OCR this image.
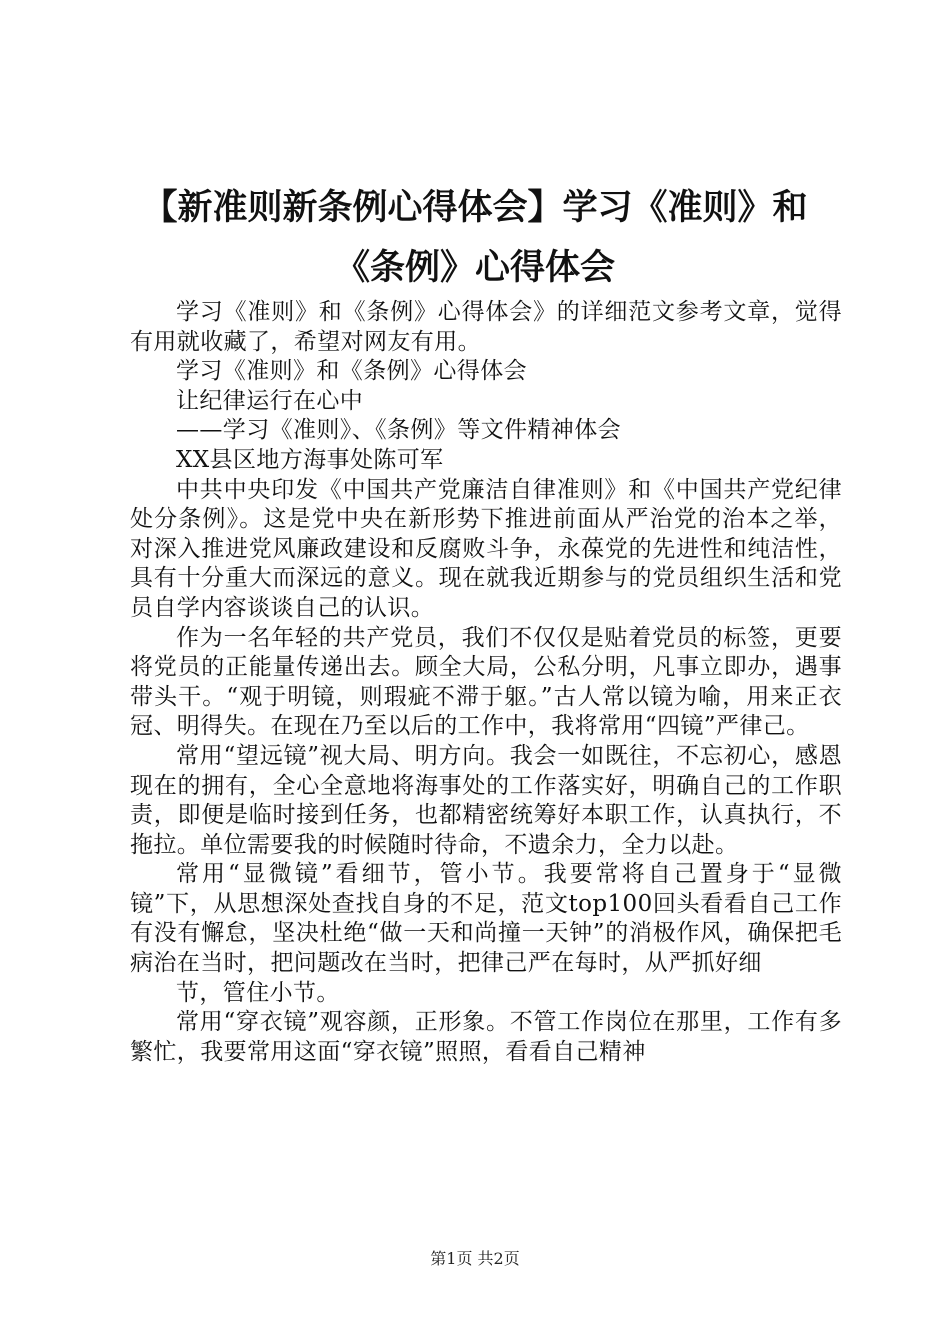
【新准则新条例心得体会】学习《准则》和
《条例》心得体会

学习《准则》和《条例》心得体会》的详细范文参考文章，觉得有用就收藏了，希望对网友有用。

学习《准则》和《条例》心得体会

让纪律运行在心中

——学习《准则》、《条例》等文件精神体会

XX县区地方海事处陈可军

中共中央印发《中国共产党廉洁自律准则》和《中国共产党纪律处分条例》。这是党中央在新形势下推进前面从严治党的治本之举，对深入推进党风廉政建设和反腐败斗争，永葆党的先进性和纯洁性，具有十分重大而深远的意义。现在就我近期参与的党员组织生活和党员自学内容谈谈自己的认识。

作为一名年轻的共产党员，我们不仅仅是贴着党员的标签，更要将党员的正能量传递出去。顾全大局，公私分明，凡事立即办，遇事带头干。“观于明镜，则瑕疵不滞于躯。”古人常以镜为喻，用来正衣冠、明得失。在现在乃至以后的工作中，我将常用“四镜”严律己。

常用“望远镜”视大局、明方向。我会一如既往，不忘初心，感恩现在的拥有，全心全意地将海事处的工作落实好，明确自己的工作职责，即便是临时接到任务，也都精密统筹好本职工作，认真执行，不拖拉。单位需要我的时候随时待命，不遗余力，全力以赴。

常用“显微镜”看细节，管小节。我要常将自己置身于“显微镜”下，从思想深处查找自身的不足，范文top100回头看看自己工作有没有懈怠，坚决杜绝“做一天和尚撞一天钟”的消极作风，确保把毛病治在当时，把问题改在当时，把律己严在每时，从严抓好细

节，管住小节。

常用“穿衣镜”观容颜，正形象。不管工作岗位在那里，工作有多繁忙，我要常用这面“穿衣镜”照照，看看自己精神

第1页 共2页
